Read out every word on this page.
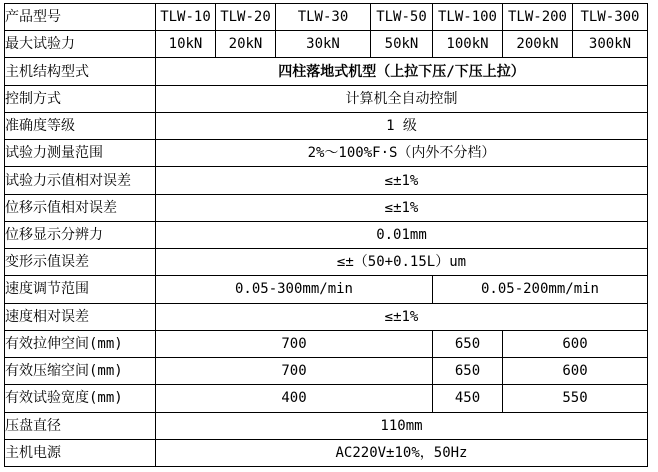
产品型号	TLW-10	TLW-20	TLW-30	TLW-50	TLW-100	TLW-200	TLW-300
最大试验力	10kN	20kN	30kN	50kN	100kN	200kN	300kN
主机结构型式	四柱落地式机型（上拉下压/下压上拉）						
控制方式	计算机全自动控制						
准确度等级	1 级						
试验力测量范围	2%～100%F·S（内外不分档）						
试验力示值相对误差	≤±1%						
位移示值相对误差	≤±1%						
位移显示分辨力	0.01mm						
变形示值误差	≤±（50+0.15L）um						
速度调节范围	0.05-300mm/min				0.05-200mm/min		
速度相对误差	≤±1%						
有效拉伸空间(mm)	700				650	600	
有效压缩空间(mm)	700				650	600	
有效试验宽度(mm)	400				450	550	
压盘直径	110mm						
主机电源	AC220V±10%，50Hz						
